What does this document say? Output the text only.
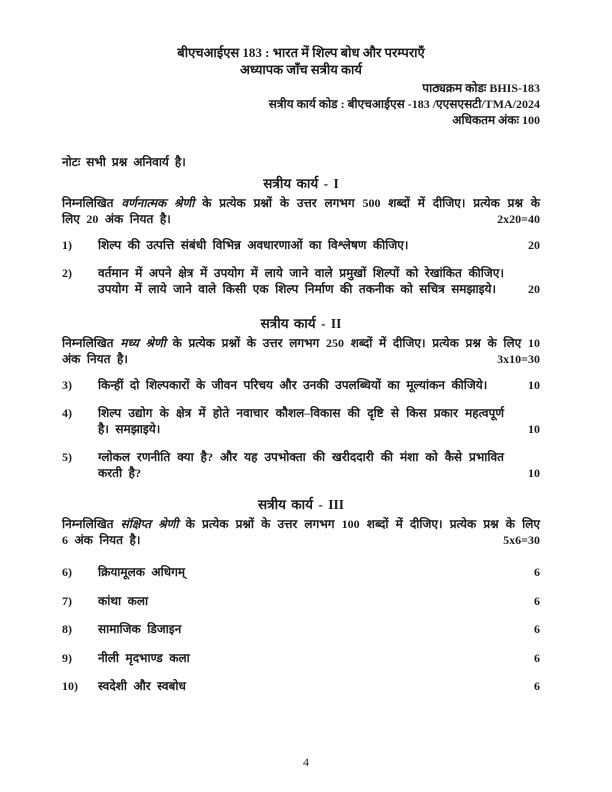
बीएचआईएस 183 : भारत में शिल्प बोध और परम्पराएँ
अध्यापक जाँच सत्रीय कार्य
पाठ्यक्रम कोडः BHIS-183
सत्रीय कार्य कोड : बीएचआईएस -183 /एएसएसटी/TMA/2024
अधिकतम अंकः 100
नोटः सभी प्रश्न अनिवार्य है।
सत्रीय कार्य - I
निम्नलिखित वर्णनात्मक श्रेणी के प्रत्येक प्रश्नों के उत्तर लगभग 500 शब्दों में दीजिए। प्रत्येक प्रश्न के लिए 20 अंक नियत है।	2x20=40
1)	शिल्प की उत्पत्ति संबंधी विभिन्न अवधारणाओं का विश्लेषण कीजिए।	20
2)	वर्तमान में अपने क्षेत्र में उपयोग में लाये जाने वाले प्रमुखों शिल्पों को रेखांकित कीजिए। उपयोग में लाये जाने वाले किसी एक शिल्प निर्माण की तकनीक को सचित्र समझाइये।	20
सत्रीय कार्य - II
निम्नलिखित मध्य श्रेणी के प्रत्येक प्रश्नों के उत्तर लगभग 250 शब्दों में दीजिए। प्रत्येक प्रश्न के लिए 10 अंक नियत है।	3x10=30
3)	किन्हीं दो शिल्पकारों के जीवन परिचय और उनकी उपलब्धियों का मूल्यांकन कीजिये।	10
4)	शिल्प उद्योग के क्षेत्र में होते नवाचार कौशल–विकास की दृष्टि से किस प्रकार महत्वपूर्ण है। समझाइये।	10
5)	ग्लोकल रणनीति क्या है? और यह उपभोक्ता की खरीददारी की मंशा को कैसे प्रभावित करती है?	10
सत्रीय कार्य - III
निम्नलिखित संक्षिप्त श्रेणी के प्रत्येक प्रश्नों के उत्तर लगभग 100 शब्दों में दीजिए। प्रत्येक प्रश्न के लिए 6 अंक नियत है।	5x6=30
6)	क्रियामूलक अधिगम्	6
7)	कांथा कला	6
8)	सामाजिक डिजाइन	6
9)	नीली मृदभाण्ड कला	6
10)	स्वदेशी और स्वबोध	6
4
